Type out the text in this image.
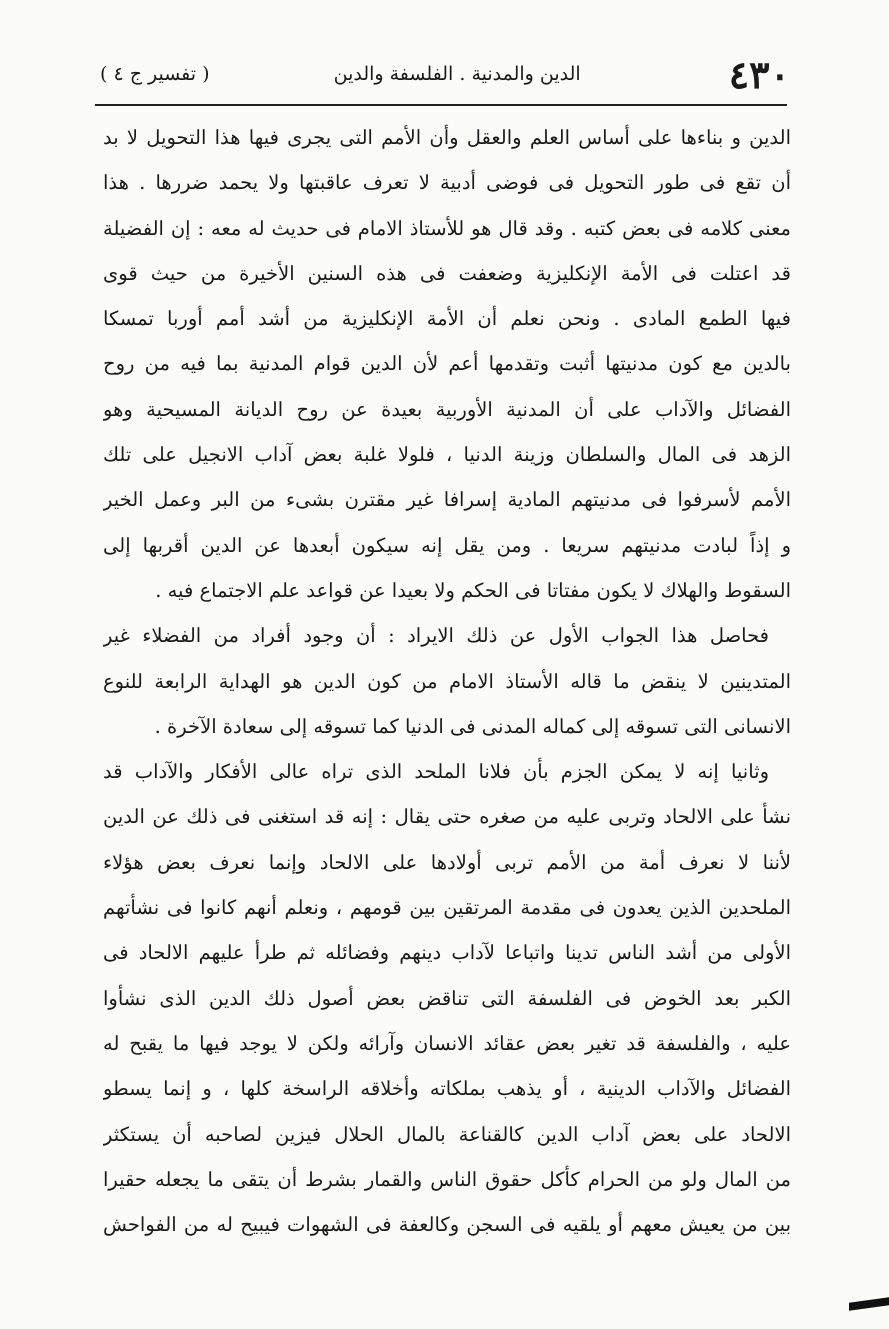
٤٣٠
الدين والمدنية . الفلسفة والدين
( تفسير ج ٤ )
الدين و بناءها على أساس العلم والعقل وأن الأمم التى يجرى فيها هذا التحويل لا بد
أن تقع فى طور التحويل فى فوضى أدبية لا تعرف عاقبتها ولا يحمد ضررها . هذا
معنى كلامه فى بعض كتبه . وقد قال هو للأستاذ الامام فى حديث له معه : إن الفضيلة
قد اعتلت فى الأمة الإنكليزية وضعفت فى هذه السنين الأخيرة من حيث قوى
فيها الطمع المادى . ونحن نعلم أن الأمة الإنكليزية من أشد أمم أوربا تمسكا
بالدين مع كون مدنيتها أثبت وتقدمها أعم لأن الدين قوام المدنية بما فيه من روح
الفضائل والآداب على أن المدنية الأوربية بعيدة عن روح الديانة المسيحية وهو
الزهد فى المال والسلطان وزينة الدنيا ، فلولا غلبة بعض آداب الانجيل على تلك
الأمم لأسرفوا فى مدنيتهم المادية إسرافا غير مقترن بشىء من البر وعمل الخير
و إذاً لبادت مدنيتهم سريعا . ومن يقل إنه سيكون أبعدها عن الدين أقربها إلى
السقوط والهلاك لا يكون مفتاتا فى الحكم ولا بعيدا عن قواعد علم الاجتماع فيه .
فحاصل هذا الجواب الأول عن ذلك الايراد : أن وجود أفراد من الفضلاء غير
المتدينين لا ينقض ما قاله الأستاذ الامام من كون الدين هو الهداية الرابعة للنوع
الانسانى التى تسوقه إلى كماله المدنى فى الدنيا كما تسوقه إلى سعادة الآخرة .
وثانيا إنه لا يمكن الجزم بأن فلانا الملحد الذى تراه عالى الأفكار والآداب قد
نشأ على الالحاد وتربى عليه من صغره حتى يقال : إنه قد استغنى فى ذلك عن الدين
لأننا لا نعرف أمة من الأمم تربى أولادها على الالحاد وإنما نعرف بعض هؤلاء
الملحدين الذين يعدون فى مقدمة المرتقين بين قومهم ، ونعلم أنهم كانوا فى نشأتهم
الأولى من أشد الناس تدينا واتباعا لآداب دينهم وفضائله ثم طرأ عليهم الالحاد فى
الكبر بعد الخوض فى الفلسفة التى تناقض بعض أصول ذلك الدين الذى نشأوا
عليه ، والفلسفة قد تغير بعض عقائد الانسان وآرائه ولكن لا يوجد فيها ما يقبح له
الفضائل والآداب الدينية ، أو يذهب بملكاته وأخلاقه الراسخة كلها ، و إنما يسطو
الالحاد على بعض آداب الدين كالقناعة بالمال الحلال فيزين لصاحبه أن يستكثر
من المال ولو من الحرام كأكل حقوق الناس والقمار بشرط أن يتقى ما يجعله حقيرا
بين من يعيش معهم أو يلقيه فى السجن وكالعفة فى الشهوات فيبيح له من الفواحش
